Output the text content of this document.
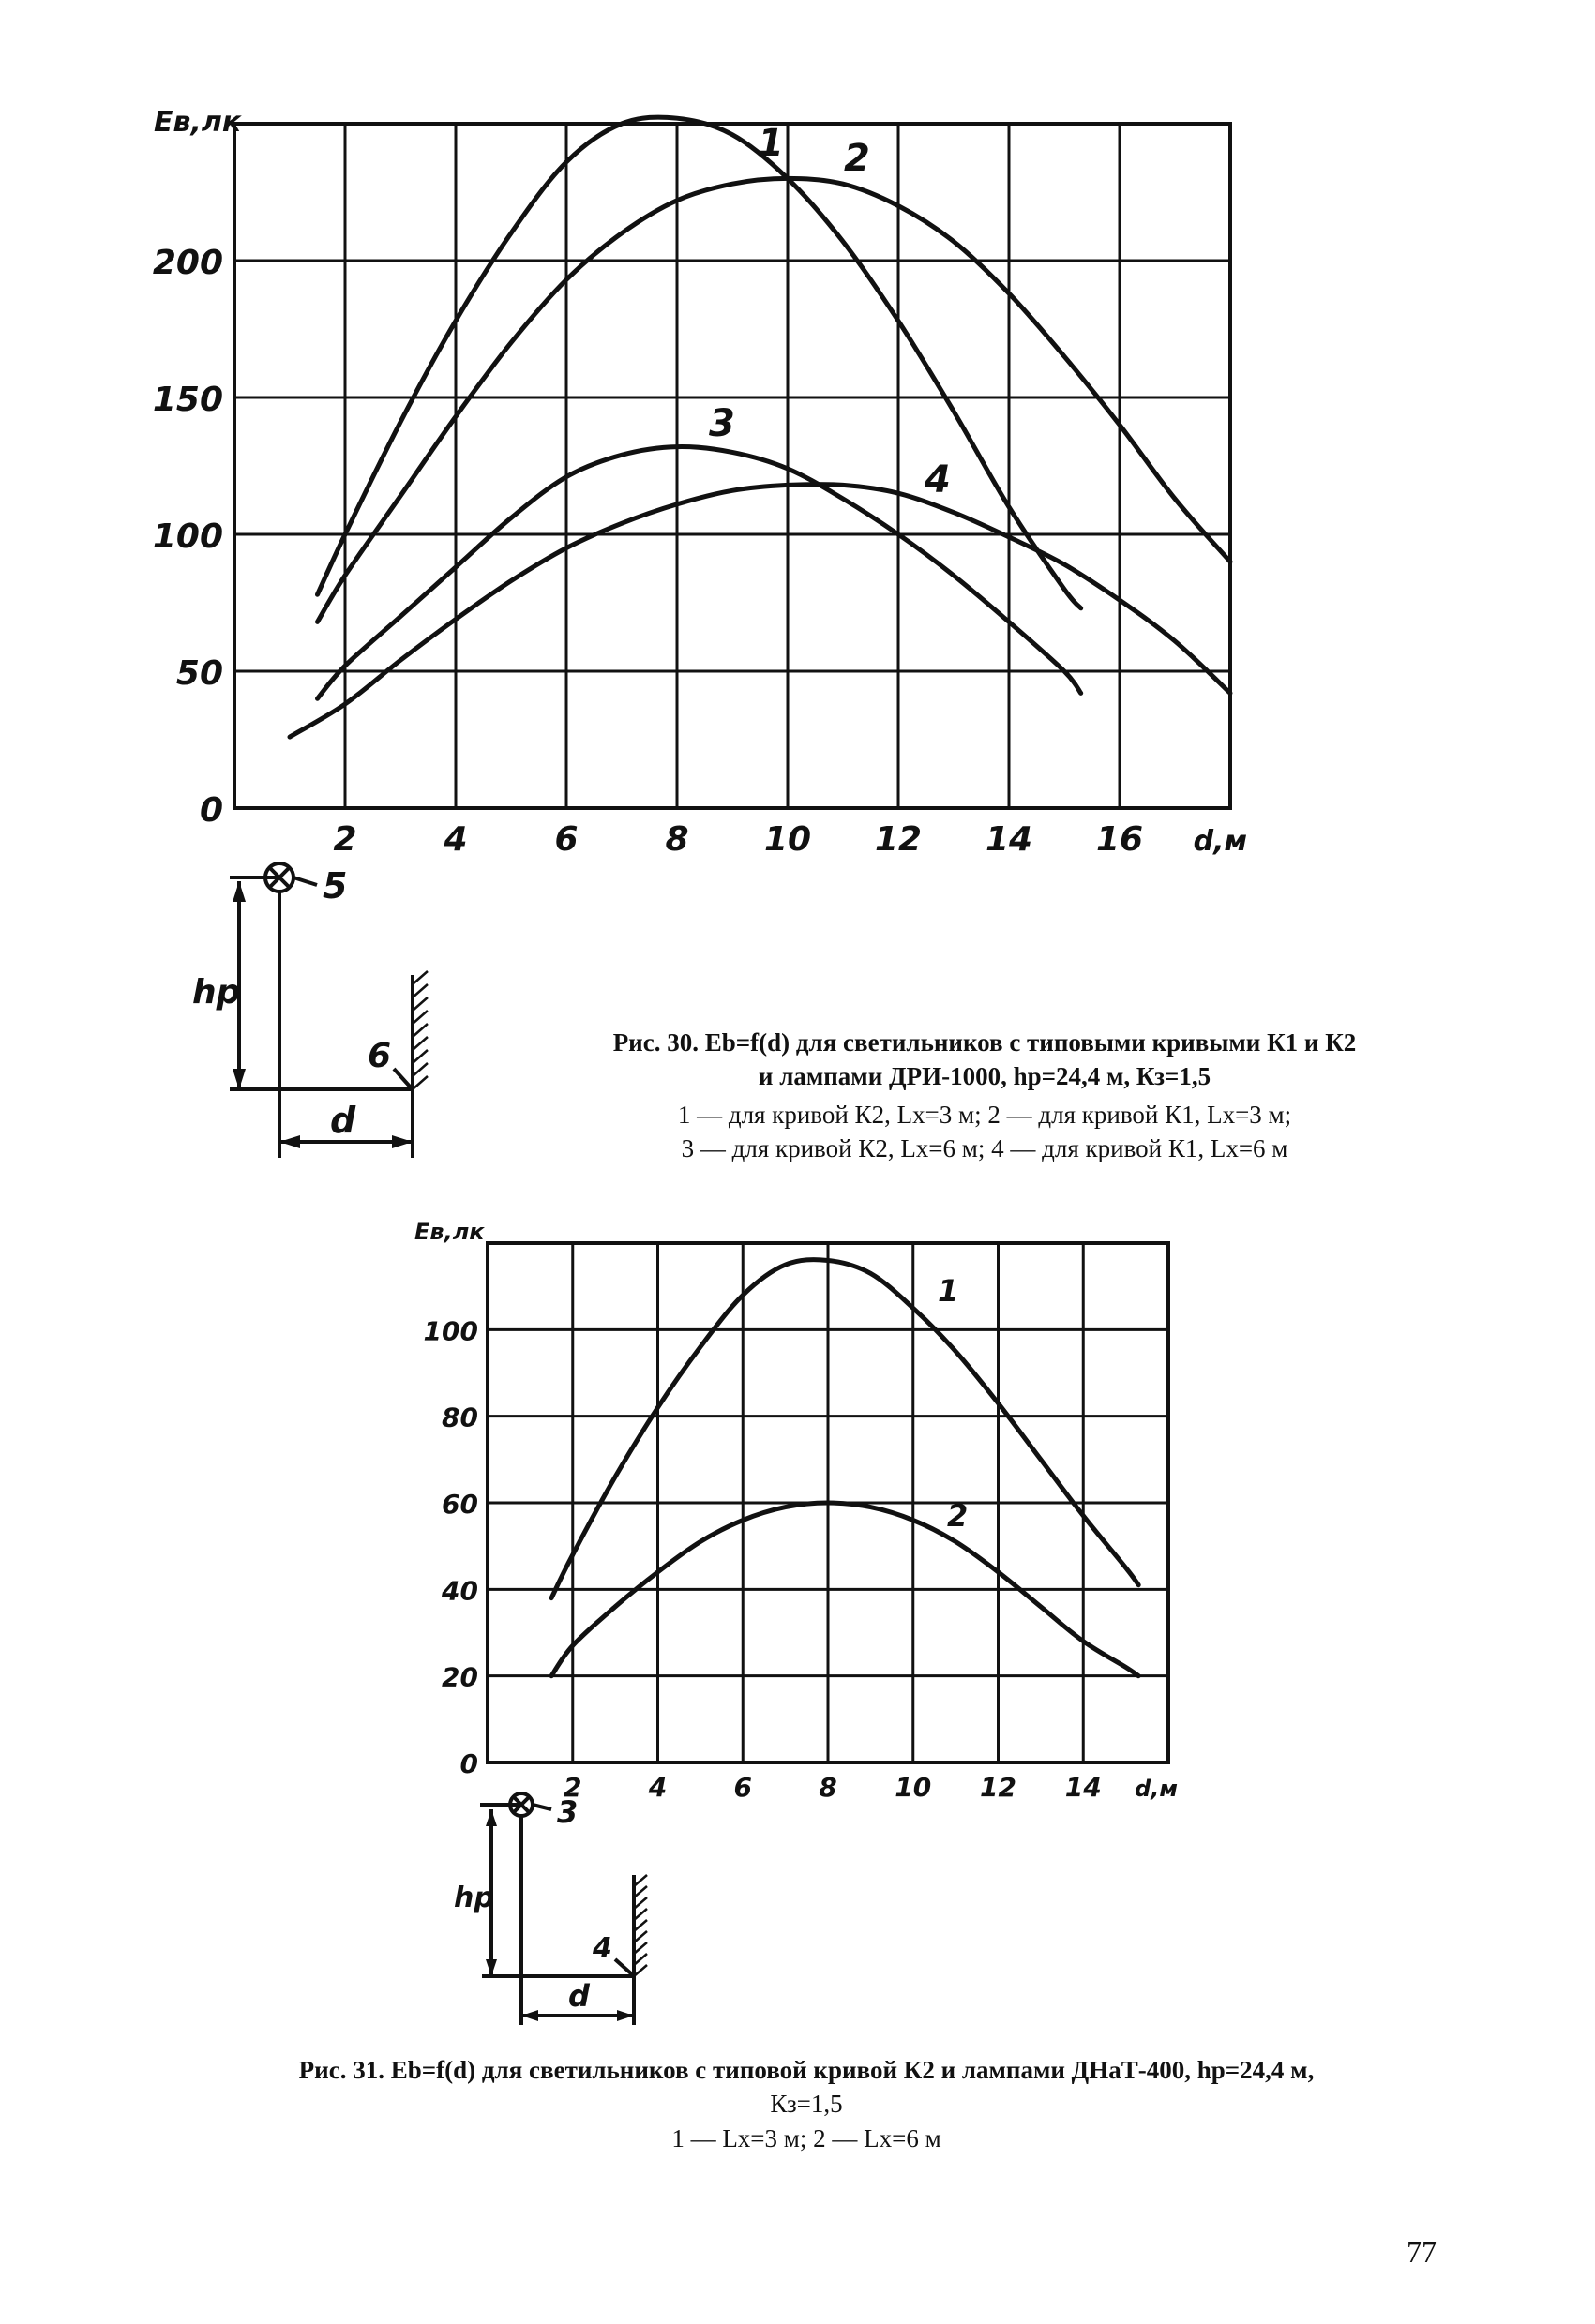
2	4	6	8 10 12 14 16
0
50
100
150
200
Eв,лк
d,м
1 2
3
4
2	4	6	8 10 12 14
0
20
40
60
80
100
Eв,лк
d,м
1
2
5
hp
6
d
3
hp
4
d
Рис. 30. Eb=f(d) для светильников с типовыми кривыми К1 и К2
и лампами ДРИ-1000, hp=24,4 м, Кз=1,5
1 — для кривой К2, Lx=3 м; 2 — для кривой К1, Lx=3 м;
3 — для кривой К2, Lx=6 м; 4 — для кривой К1, Lx=6 м
Рис. 31. Eb=f(d) для светильников с типовой кривой К2 и лампами ДНаТ-400, hp=24,4 м,
Кз=1,5
1 — Lx=3 м; 2 — Lx=6 м
77
